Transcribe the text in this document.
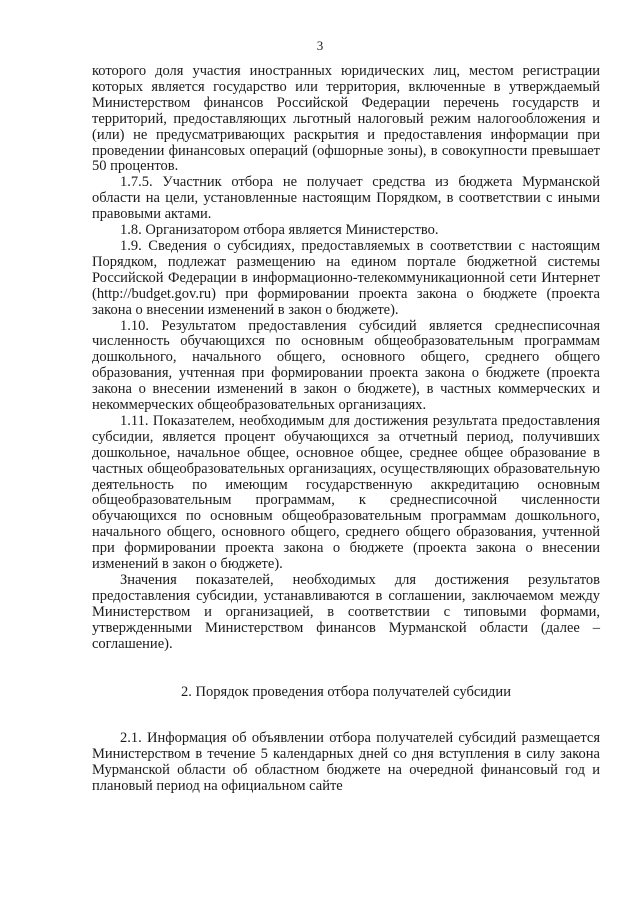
3

которого доля участия иностранных юридических лиц, местом регистрации которых является государство или территория, включенные в утверждаемый Министерством финансов Российской Федерации перечень государств и территорий, предоставляющих льготный налоговый режим налогообложения и (или) не предусматривающих раскрытия и предоставления информации при проведении финансовых операций (офшорные зоны), в совокупности превышает 50 процентов.

1.7.5. Участник отбора не получает средства из бюджета Мурманской области на цели, установленные настоящим Порядком, в соответствии с иными правовыми актами.

1.8. Организатором отбора является Министерство.

1.9. Сведения о субсидиях, предоставляемых в соответствии с настоящим Порядком, подлежат размещению на едином портале бюджетной системы Российской Федерации в информационно-телекоммуникационной сети Интернет (http://budget.gov.ru) при формировании проекта закона о бюджете (проекта закона о внесении изменений в закон о бюджете).

1.10. Результатом предоставления субсидий является среднесписочная численность обучающихся по основным общеобразовательным программам дошкольного, начального общего, основного общего, среднего общего образования, учтенная при формировании проекта закона о бюджете (проекта закона о внесении изменений в закон о бюджете), в частных коммерческих и некоммерческих общеобразовательных организациях.

1.11. Показателем, необходимым для достижения результата предоставления субсидии, является процент обучающихся за отчетный период, получивших дошкольное, начальное общее, основное общее, среднее общее образование в частных общеобразовательных организациях, осуществляющих образовательную деятельность по имеющим государственную аккредитацию основным общеобразовательным программам, к среднесписочной численности обучающихся по основным общеобразовательным программам дошкольного, начального общего, основного общего, среднего общего образования, учтенной при формировании проекта закона о бюджете (проекта закона о внесении изменений в закон о бюджете).

Значения показателей, необходимых для достижения результатов предоставления субсидии, устанавливаются в соглашении, заключаемом между Министерством и организацией, в соответствии с типовыми формами, утвержденными Министерством финансов Мурманской области (далее – соглашение).

2. Порядок проведения отбора получателей субсидии

2.1. Информация об объявлении отбора получателей субсидий размещается Министерством в течение 5 календарных дней со дня вступления в силу закона Мурманской области об областном бюджете на очередной финансовый год и плановый период на официальном сайте
